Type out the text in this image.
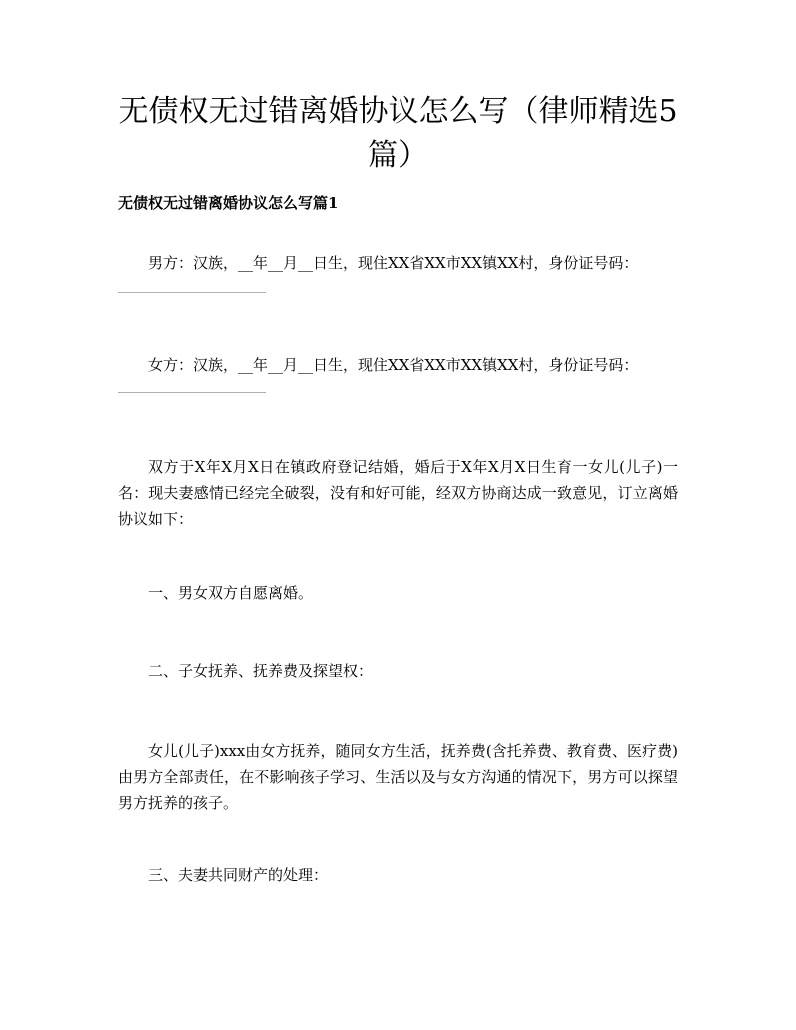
无债权无过错离婚协议怎么写（律师精选5篇）

无债权无过错离婚协议怎么写篇1

男方：汉族，__年__月__日生，现住XX省XX市XX镇XX村，身份证号码：

女方：汉族，__年__月__日生，现住XX省XX市XX镇XX村，身份证号码：

双方于X年X月X日在镇政府登记结婚，婚后于X年X月X日生育一女儿(儿子)一名：现夫妻感情已经完全破裂，没有和好可能，经双方协商达成一致意见，订立离婚协议如下：

一、男女双方自愿离婚。

二、子女抚养、抚养费及探望权：

女儿(儿子)xxx由女方抚养，随同女方生活，抚养费(含托养费、教育费、医疗费)由男方全部责任，在不影响孩子学习、生活以及与女方沟通的情况下，男方可以探望男方抚养的孩子。

三、夫妻共同财产的处理：
